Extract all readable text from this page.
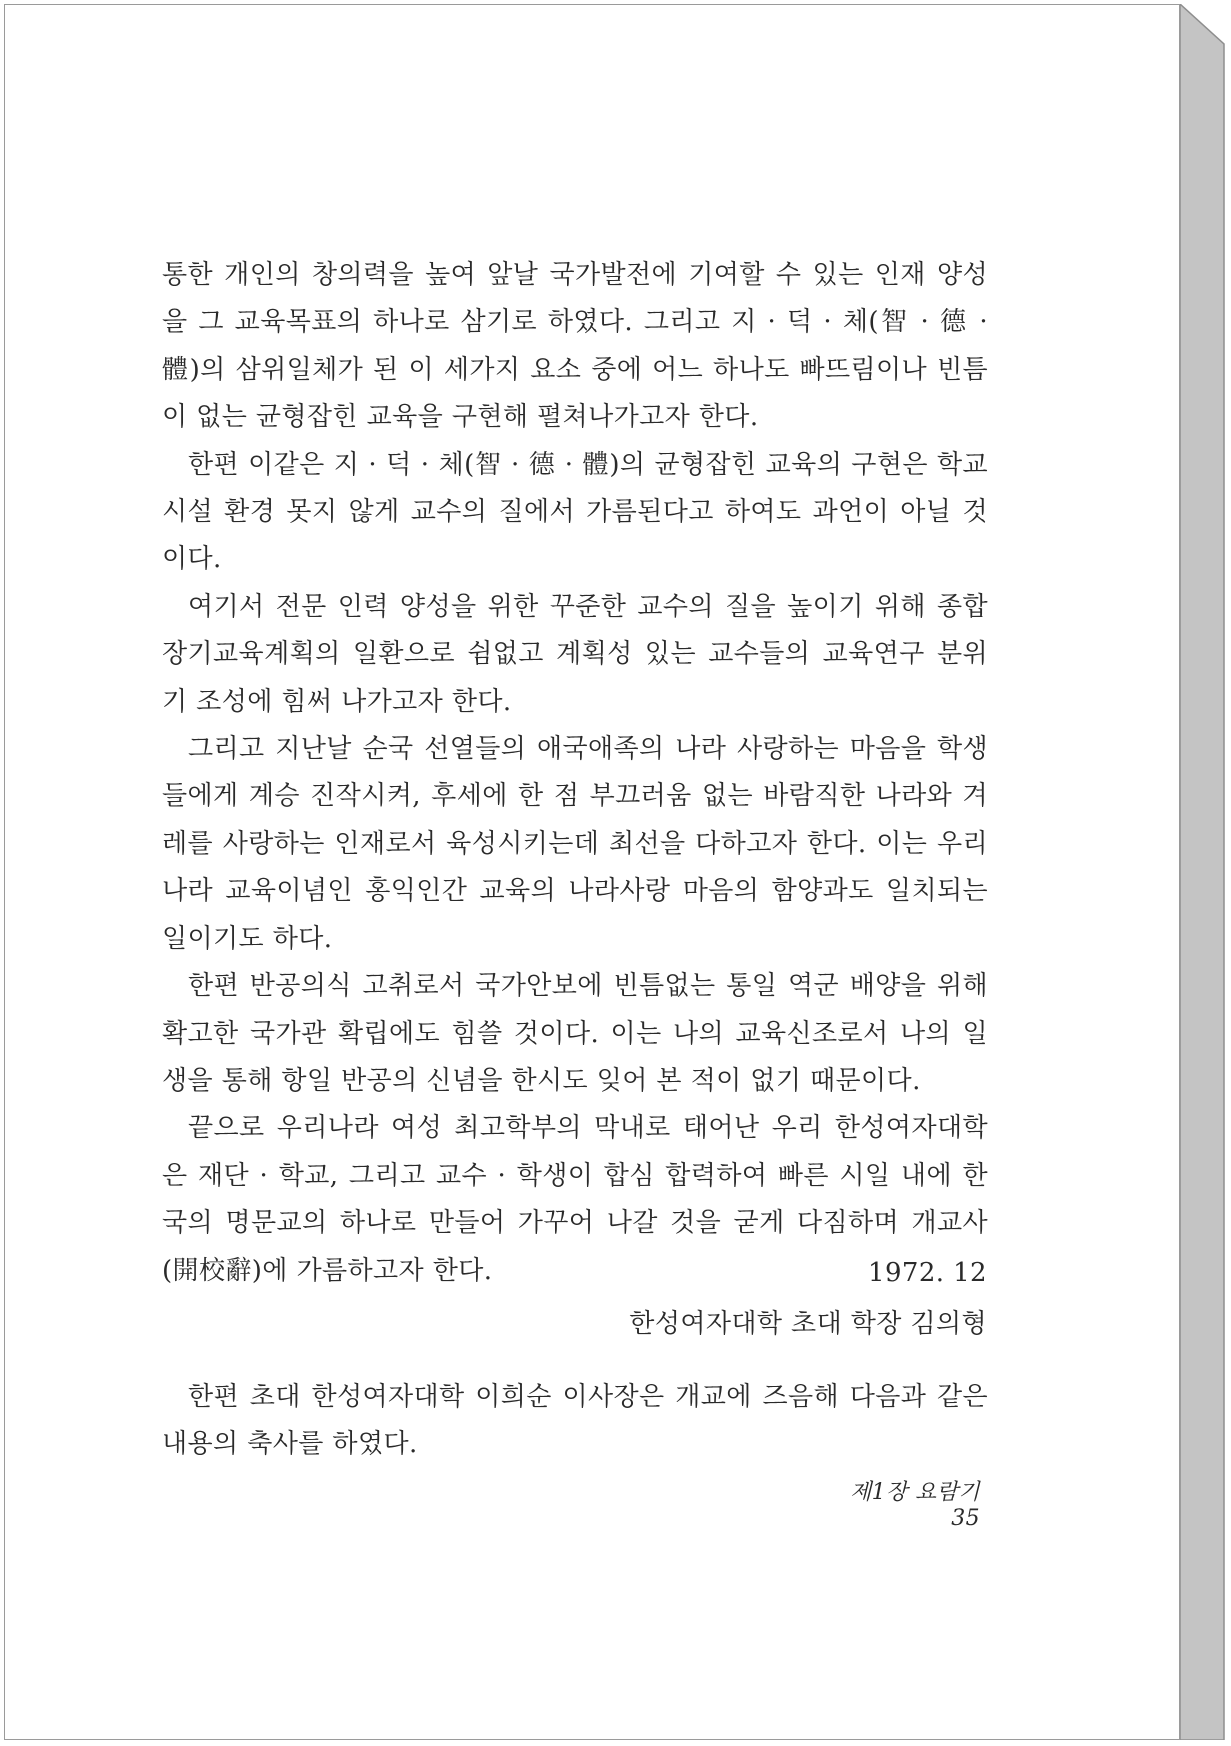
통한 개인의 창의력을 높여 앞날 국가발전에 기여할 수 있는 인재 양성을 그 교육목표의 하나로 삼기로 하였다. 그리고 지 · 덕 · 체(智 · 德 · 體)의 삼위일체가 된 이 세가지 요소 중에 어느 하나도 빠뜨림이나 빈틈이 없는 균형잡힌 교육을 구현해 펼쳐나가고자 한다.

한편 이같은 지 · 덕 · 체(智 · 德 · 體)의 균형잡힌 교육의 구현은 학교 시설 환경 못지 않게 교수의 질에서 가름된다고 하여도 과언이 아닐 것이다.

여기서 전문 인력 양성을 위한 꾸준한 교수의 질을 높이기 위해 종합 장기교육계획의 일환으로 쉼없고 계획성 있는 교수들의 교육연구 분위기 조성에 힘써 나가고자 한다.

그리고 지난날 순국 선열들의 애국애족의 나라 사랑하는 마음을 학생들에게 계승 진작시켜, 후세에 한 점 부끄러움 없는 바람직한 나라와 겨레를 사랑하는 인재로서 육성시키는데 최선을 다하고자 한다. 이는 우리나라 교육이념인 홍익인간 교육의 나라사랑 마음의 함양과도 일치되는 일이기도 하다.

한편 반공의식 고취로서 국가안보에 빈틈없는 통일 역군 배양을 위해 확고한 국가관 확립에도 힘쓸 것이다. 이는 나의 교육신조로서 나의 일생을 통해 항일 반공의 신념을 한시도 잊어 본 적이 없기 때문이다.

끝으로 우리나라 여성 최고학부의 막내로 태어난 우리 한성여자대학은 재단 · 학교, 그리고 교수 · 학생이 합심 합력하여 빠른 시일 내에 한국의 명문교의 하나로 만들어 가꾸어 나갈 것을 굳게 다짐하며 개교사(開校辭)에 가름하고자 한다.	1972. 12
한성여자대학 초대 학장 김의형

한편 초대 한성여자대학 이희순 이사장은 개교에 즈음해 다음과 같은 내용의 축사를 하였다.

제1장 요람기 35
